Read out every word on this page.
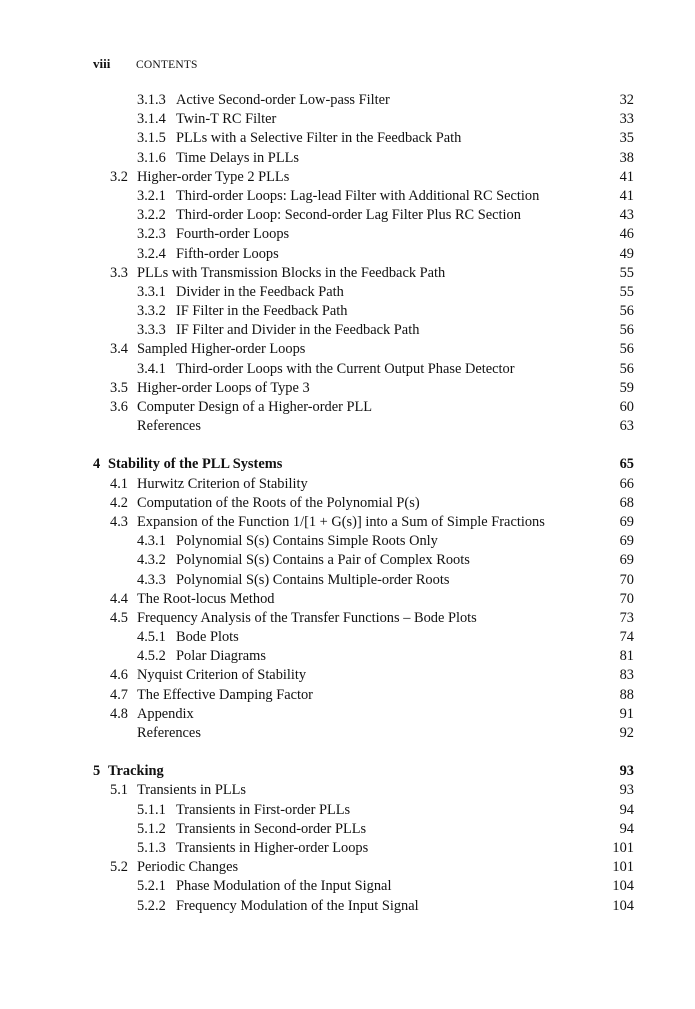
viii	CONTENTS
3.1.3 Active Second-order Low-pass Filter	32
3.1.4 Twin-T RC Filter	33
3.1.5 PLLs with a Selective Filter in the Feedback Path	35
3.1.6 Time Delays in PLLs	38
3.2 Higher-order Type 2 PLLs	41
3.2.1 Third-order Loops: Lag-lead Filter with Additional RC Section	41
3.2.2 Third-order Loop: Second-order Lag Filter Plus RC Section	43
3.2.3 Fourth-order Loops	46
3.2.4 Fifth-order Loops	49
3.3 PLLs with Transmission Blocks in the Feedback Path	55
3.3.1 Divider in the Feedback Path	55
3.3.2 IF Filter in the Feedback Path	56
3.3.3 IF Filter and Divider in the Feedback Path	56
3.4 Sampled Higher-order Loops	56
3.4.1 Third-order Loops with the Current Output Phase Detector	56
3.5 Higher-order Loops of Type 3	59
3.6 Computer Design of a Higher-order PLL	60
References	63
4 Stability of the PLL Systems	65
4.1 Hurwitz Criterion of Stability	66
4.2 Computation of the Roots of the Polynomial P(s)	68
4.3 Expansion of the Function 1/[1 + G(s)] into a Sum of Simple Fractions	69
4.3.1 Polynomial S(s) Contains Simple Roots Only	69
4.3.2 Polynomial S(s) Contains a Pair of Complex Roots	69
4.3.3 Polynomial S(s) Contains Multiple-order Roots	70
4.4 The Root-locus Method	70
4.5 Frequency Analysis of the Transfer Functions – Bode Plots	73
4.5.1 Bode Plots	74
4.5.2 Polar Diagrams	81
4.6 Nyquist Criterion of Stability	83
4.7 The Effective Damping Factor	88
4.8 Appendix	91
References	92
5 Tracking	93
5.1 Transients in PLLs	93
5.1.1 Transients in First-order PLLs	94
5.1.2 Transients in Second-order PLLs	94
5.1.3 Transients in Higher-order Loops	101
5.2 Periodic Changes	101
5.2.1 Phase Modulation of the Input Signal	104
5.2.2 Frequency Modulation of the Input Signal	104
